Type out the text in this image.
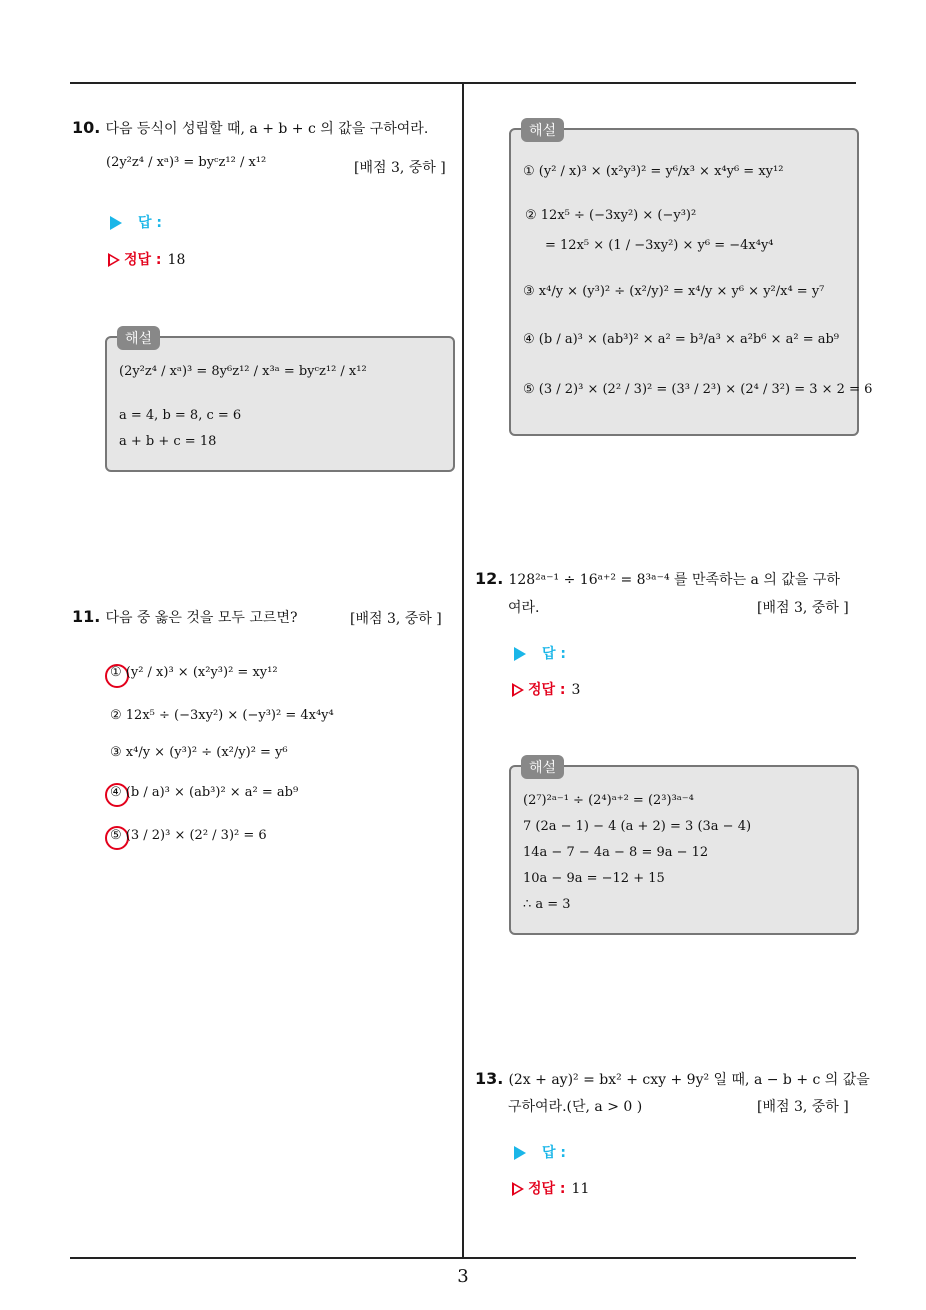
10. 다음 등식이 성립할 때, a + b + c 의 값을 구하여라.
(2y²z⁴ / xᵃ)³ = byᶜz¹² / x¹²	[배점 3, 중하 ]
답 :
정답 : 18
해설
(2y²z⁴ / xᵃ)³ = 8y⁶z¹² / x³ᵃ = byᶜz¹² / x¹²
a = 4, b = 8, c = 6
a + b + c = 18
11. 다음 중 옳은 것을 모두 고르면?	[배점 3, 중하 ]
① (y² / x)³ × (x²y³)² = xy¹²
② 12x⁵ ÷ (−3xy²) × (−y³)² = 4x⁴y⁴
③ x⁴/y × (y³)² ÷ (x²/y)² = y⁶
④ (b / a)³ × (ab³)² × a² = ab⁹
⑤ (3 / 2)³ × (2² / 3)² = 6
해설
① (y² / x)³ × (x²y³)² = y⁶/x³ × x⁴y⁶ = xy¹²
② 12x⁵ ÷ (−3xy²) × (−y³)²
= 12x⁵ × (1 / −3xy²) × y⁶ = −4x⁴y⁴
③ x⁴/y × (y³)² ÷ (x²/y)² = x⁴/y × y⁶ × y²/x⁴ = y⁷
④ (b / a)³ × (ab³)² × a² = b³/a³ × a²b⁶ × a² = ab⁹
⑤ (3 / 2)³ × (2² / 3)² = (3³ / 2³) × (2⁴ / 3²) = 3 × 2 = 6
12. 128²ᵃ⁻¹ ÷ 16ᵃ⁺² = 8³ᵃ⁻⁴ 를 만족하는 a 의 값을 구하
여라.	[배점 3, 중하 ]
답 :
정답 : 3
해설
(2⁷)²ᵃ⁻¹ ÷ (2⁴)ᵃ⁺² = (2³)³ᵃ⁻⁴
7 (2a − 1) − 4 (a + 2) = 3 (3a − 4)
14a − 7 − 4a − 8 = 9a − 12
10a − 9a = −12 + 15
∴ a = 3
13. (2x + ay)² = bx² + cxy + 9y² 일 때, a − b + c 의 값을
구하여라.(단, a > 0 )	[배점 3, 중하 ]
답 :
정답 : 11
3
